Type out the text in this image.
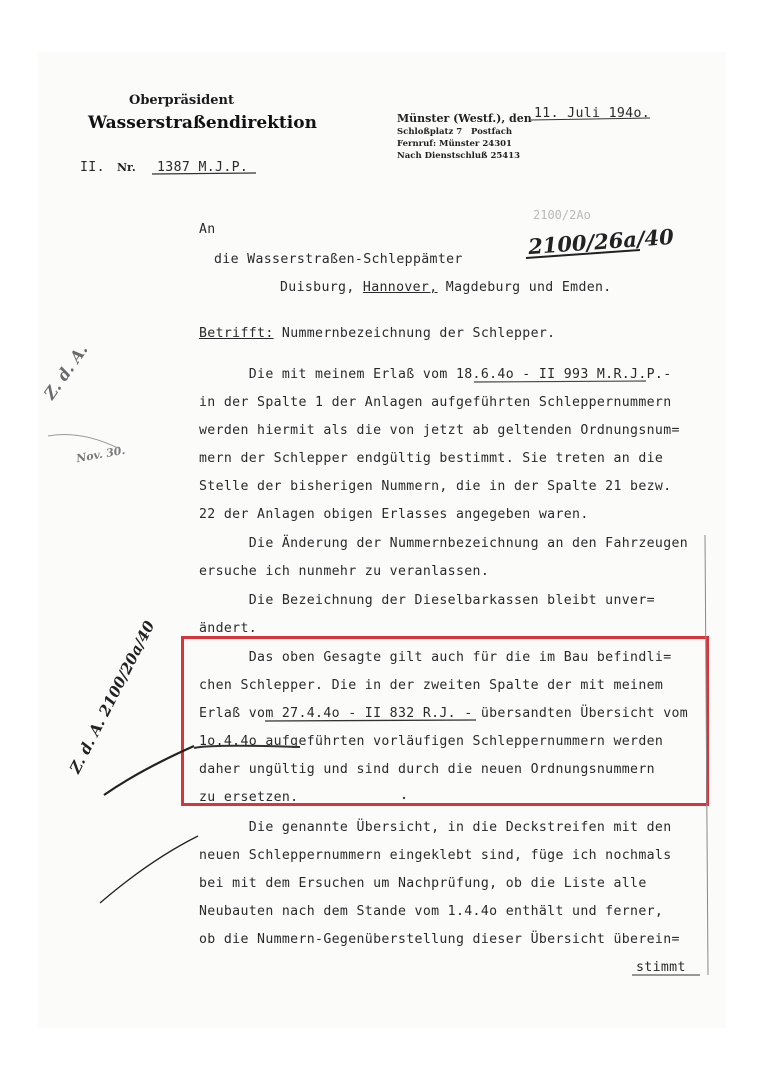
Oberpräsident
Wasserstraßendirektion
II. Nr. 1387 M.J.P.
Münster (Westf.), den 11. Juli 194o.
Schloßplatz 7   Postfach
Fernruf: Münster 24301
Nach Dienstschluß 25413
An
die Wasserstraßen-Schleppämter
Duisburg, Hannover, Magdeburg und Emden.
2100/2Ao
2100/26a/40
Betrifft: Nummernbezeichnung der Schlepper.
Die mit meinem Erlaß vom 18.6.4o - II 993 M.R.J.P.-
in der Spalte 1 der Anlagen aufgeführten Schleppernummern
werden hiermit als die von jetzt ab geltenden Ordnungsnum=
mern der Schlepper endgültig bestimmt. Sie treten an die
Stelle der bisherigen Nummern, die in der Spalte 21 bezw.
22 der Anlagen obigen Erlasses angegeben waren.
Die Änderung der Nummernbezeichnung an den Fahrzeugen
ersuche ich nunmehr zu veranlassen.
Die Bezeichnung der Dieselbarkassen bleibt unver=
ändert.
Das oben Gesagte gilt auch für die im Bau befindli=
chen Schlepper. Die in der zweiten Spalte der mit meinem
Erlaß vom 27.4.4o - II 832 R.J. - übersandten Übersicht vom
1o.4.4o aufgeführten vorläufigen Schleppernummern werden
daher ungültig und sind durch die neuen Ordnungsnummern
zu ersetzen.
Die genannte Übersicht, in die Deckstreifen mit den
neuen Schleppernummern eingeklebt sind, füge ich nochmals
bei mit dem Ersuchen um Nachprüfung, ob die Liste alle
Neubauten nach dem Stande vom 1.4.4o enthält und ferner,
ob die Nummern-Gegenüberstellung dieser Übersicht überein=
stimmt
Z. d. A.
Nov. 30.
Z. d. A. 2100/20a/40
